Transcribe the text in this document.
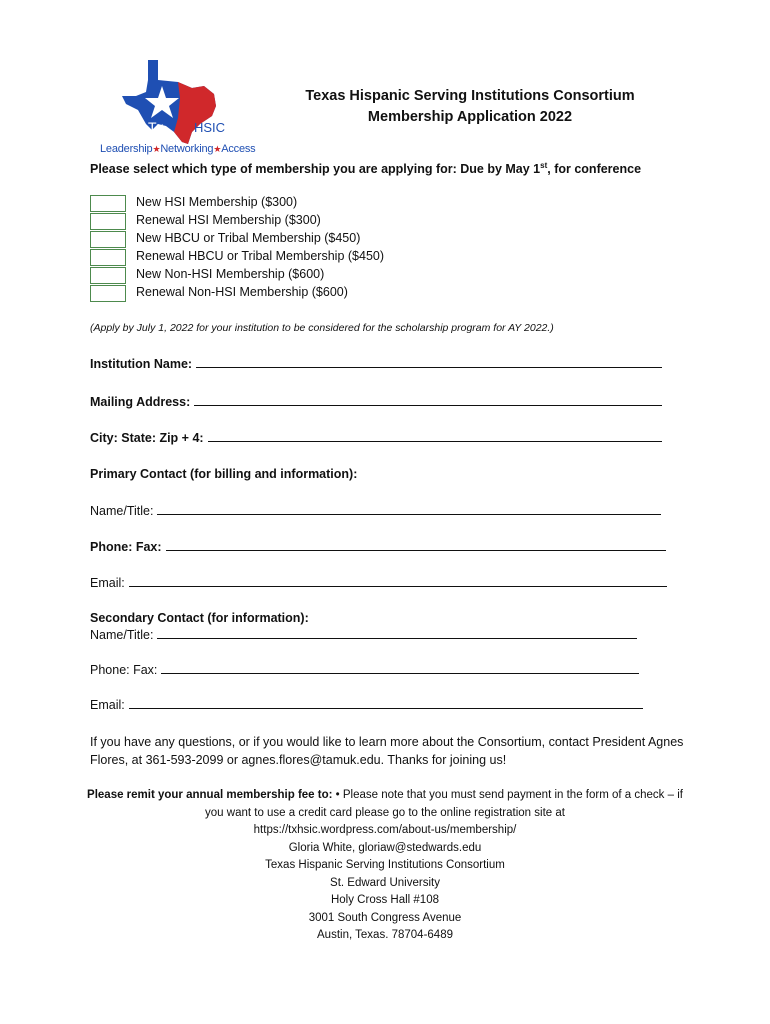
Tx HSIC
Leadership★Networking★Access
Texas Hispanic Serving Institutions Consortium
Membership Application 2022
Please select which type of membership you are applying for: Due by May 1st, for conference
New HSI Membership ($300)
Renewal HSI Membership ($300)
New HBCU or Tribal Membership ($450)
Renewal HBCU or Tribal Membership ($450)
New Non-HSI Membership ($600)
Renewal Non-HSI Membership ($600)
(Apply by July 1, 2022 for your institution to be considered for the scholarship program for AY 2022.)
Institution Name:
Mailing Address:
City: State: Zip + 4:
Primary Contact (for billing and information):
Name/Title:
Phone: Fax:
Email:
Secondary Contact (for information):
Name/Title:
Phone: Fax:
Email:
If you have any questions, or if you would like to learn more about the Consortium, contact President Agnes Flores, at 361-593-2099 or agnes.flores@tamuk.edu. Thanks for joining us!
Please remit your annual membership fee to: • Please note that you must send payment in the form of a check – if you want to use a credit card please go to the online registration site at
https://txhsic.wordpress.com/about-us/membership/
Gloria White, gloriaw@stedwards.edu
Texas Hispanic Serving Institutions Consortium
St. Edward University
Holy Cross Hall #108
3001 South Congress Avenue
Austin, Texas. 78704-6489
